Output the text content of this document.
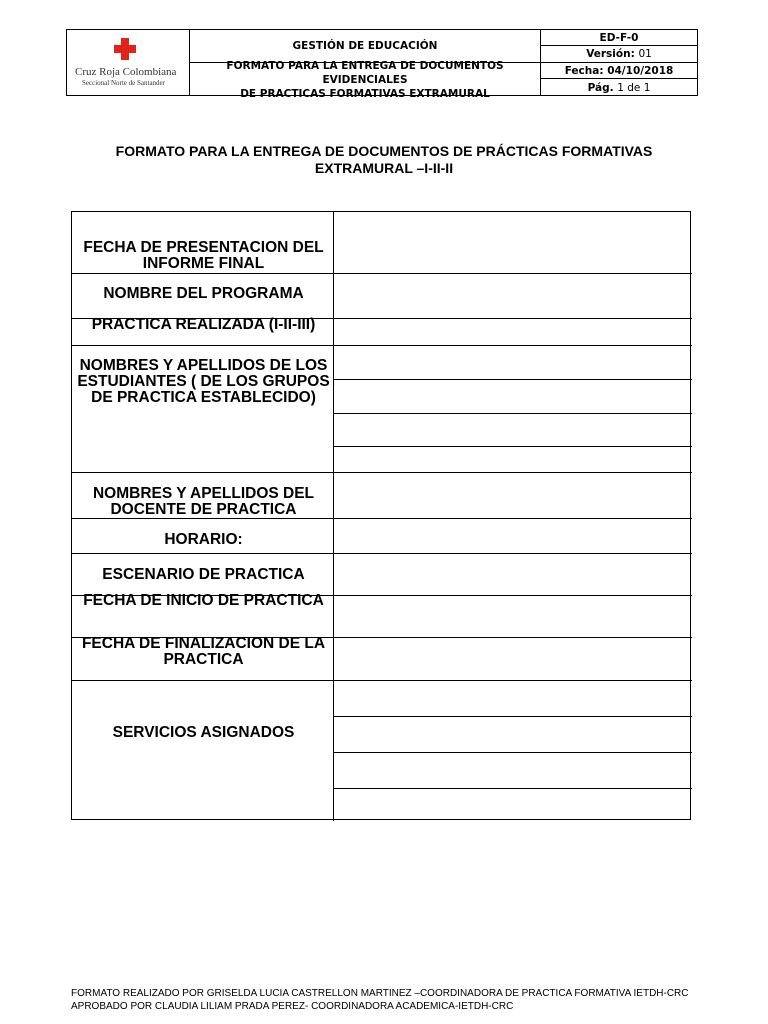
Cruz Roja Colombiana
Seccional Norte de Santander
GESTIÓN DE EDUCACIÓN
FORMATO PARA LA ENTREGA DE DOCUMENTOS EVIDENCIALES
DE PRACTICAS FORMATIVAS EXTRAMURAL
ED-F-0
Versión:
01
Fecha: 04/10/2018
Pág.
1 de 1
FORMATO PARA LA ENTREGA DE DOCUMENTOS DE PRÁCTICAS FORMATIVAS
EXTRAMURAL –I-II-II
FECHA DE PRESENTACION DEL INFORME FINAL
NOMBRE DEL PROGRAMA
PRACTICA REALIZADA (I-II-III)
NOMBRES Y APELLIDOS DE LOS ESTUDIANTES ( DE LOS GRUPOS DE PRACTICA ESTABLECIDO)
NOMBRES Y APELLIDOS DEL DOCENTE DE PRACTICA
HORARIO:
ESCENARIO DE PRACTICA
FECHA DE INICIO DE PRACTICA
FECHA DE FINALIZACION DE LA PRACTICA
SERVICIOS ASIGNADOS
FORMATO REALIZADO POR GRISELDA LUCIA CASTRELLON MARTINEZ –COORDINADORA DE PRACTICA FORMATIVA IETDH-CRC
APROBADO POR CLAUDIA LILIAM PRADA PEREZ- COORDINADORA ACADEMICA-IETDH-CRC
